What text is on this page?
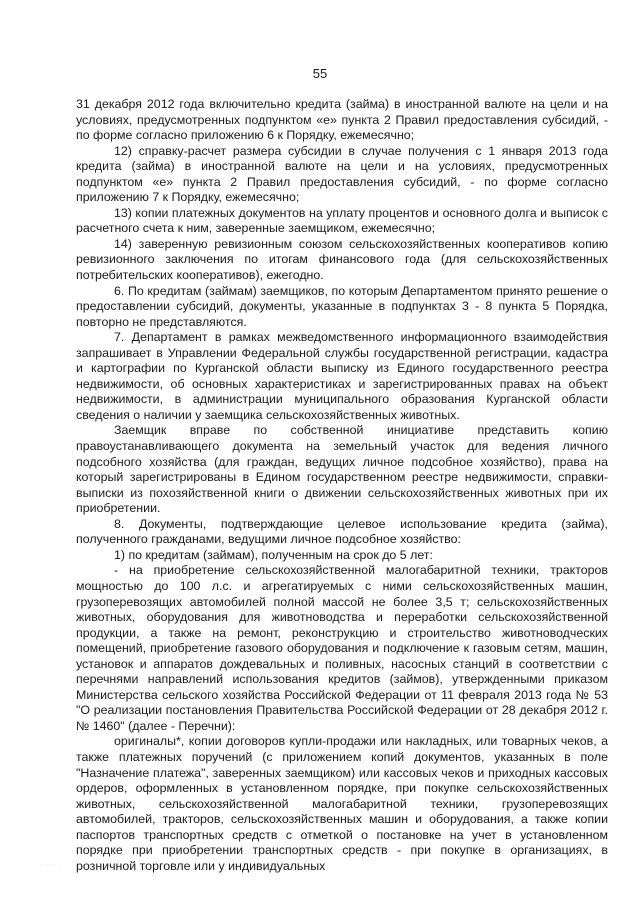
55

31 декабря 2012 года включительно кредита (займа) в иностранной валюте на цели и на условиях, предусмотренных подпунктом «е» пункта 2 Правил предоставления субсидий, - по форме согласно приложению 6 к Порядку, ежемесячно;

12) справку-расчет размера субсидии в случае получения с 1 января 2013 года кредита (займа) в иностранной валюте на цели и на условиях, предусмотренных подпунктом «е» пункта 2 Правил предоставления субсидий, - по форме согласно приложению 7 к Порядку, ежемесячно;

13) копии платежных документов на уплату процентов и основного долга и выписок с расчетного счета к ним, заверенные заемщиком, ежемесячно;

14) заверенную ревизионным союзом сельскохозяйственных кооперативов копию ревизионного заключения по итогам финансового года (для сельскохозяйственных потребительских кооперативов), ежегодно.

6. По кредитам (займам) заемщиков, по которым Департаментом принято решение о предоставлении субсидий, документы, указанные в подпунктах 3 - 8 пункта 5 Порядка, повторно не представляются.

7. Департамент в рамках межведомственного информационного взаимодействия запрашивает в Управлении Федеральной службы государственной регистрации, кадастра и картографии по Курганской области выписку из Единого государственного реестра недвижимости, об основных характеристиках и зарегистрированных правах на объект недвижимости, в администрации муниципального образования Курганской области сведения о наличии у заемщика сельскохозяйственных животных.

Заемщик вправе по собственной инициативе представить копию правоустанавливающего документа на земельный участок для ведения личного подсобного хозяйства (для граждан, ведущих личное подсобное хозяйство), права на который зарегистрированы в Едином государственном реестре недвижимости, справки-выписки из похозяйственной книги о движении сельскохозяйственных животных при их приобретении.

8. Документы, подтверждающие целевое использование кредита (займа), полученного гражданами, ведущими личное подсобное хозяйство:

1) по кредитам (займам), полученным на срок до 5 лет:

- на приобретение сельскохозяйственной малогабаритной техники, тракторов мощностью до 100 л.с. и агрегатируемых с ними сельскохозяйственных машин, грузоперевозящих автомобилей полной массой не более 3,5 т; сельскохозяйственных животных, оборудования для животноводства и переработки сельскохозяйственной продукции, а также на ремонт, реконструкцию и строительство животноводческих помещений, приобретение газового оборудования и подключение к газовым сетям, машин, установок и аппаратов дождевальных и поливных, насосных станций в соответствии с перечнями направлений использования кредитов (займов), утвержденными приказом Министерства сельского хозяйства Российской Федерации от 11 февраля 2013 года № 53 "О реализации постановления Правительства Российской Федерации от 28 декабря 2012 г. № 1460" (далее - Перечни):

оригиналы*, копии договоров купли-продажи или накладных, или товарных чеков, а также платежных поручений (с приложением копий документов, указанных в поле "Назначение платежа", заверенных заемщиком) или кассовых чеков и приходных кассовых ордеров, оформленных в установленном порядке, при покупке сельскохозяйственных животных, сельскохозяйственной малогабаритной техники, грузоперевозящих автомобилей, тракторов, сельскохозяйственных машин и оборудования, а также копии паспортов транспортных средств с отметкой о постановке на учет в установленном порядке при приобретении транспортных средств - при покупке в организациях, в розничной торговле или у индивидуальных

· · · ·
